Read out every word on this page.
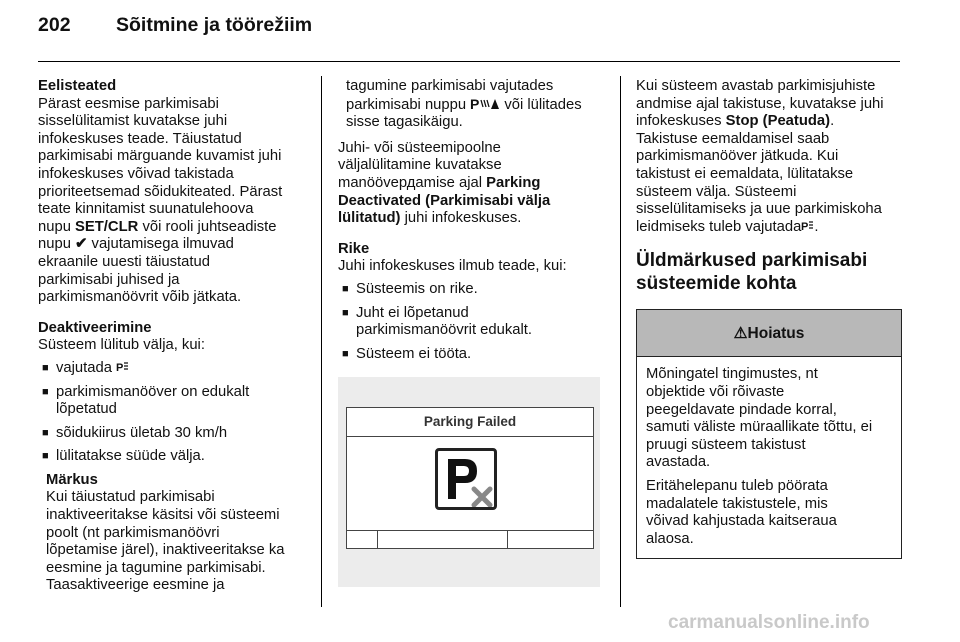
202 Sõitmine ja töörežiim

Eelisteated

Pärast eesmise parkimisabi
sisselülitamist kuvatakse juhi
infokeskuses teade. Täiustatud
parkimisabi märguande kuvamist juhi
infokeskuses võivad takistada
prioriteetsemad sõidukiteated. Pärast
teate kinnitamist suunatulehoova
nupu SET/CLR või rooli juhtseadiste
nupu ✔ vajutamisega ilmuvad
ekraanile uuesti täiustatud
parkimisabi juhised ja
parkimismanöövrit võib jätkata.

Deaktiveerimine

Süsteem lülitub välja, kui:

■ vajutada P
■ parkimismanööver on edukalt
lõpetatud
■ sõidukiirus ületab 30 km/h
■ lülitatakse süüde välja.

Märkus

Kui täiustatud parkimisabi
inaktiveeritakse käsitsi või süsteemi
poolt (nt parkimismanöövri
lõpetamise järel), inaktiveeritakse ka
eesmine ja tagumine parkimisabi.
Taasaktiveerige eesmine ja
tagumine parkimisabi vajutades
parkimisabi nuppu P või lülitades
sisse tagasikäigu.
Juhi- või süsteemipoolne
väljalülitamine kuvatakse
manöövердamise ajal Parking
Deactivated (Parkimisabi välja
lülitatud) juhi infokeskuses.

Rike

Juhi infokeskuses ilmub teade, kui:

■ Süsteemis on rike.
■ Juht ei lõpetanud
parkimismanöövrit edukalt.
■ Süsteem ei tööta.
Parking Failed
Kui süsteem avastab parkimisjuhiste
andmise ajal takistuse, kuvatakse juhi
infokeskuses Stop (Peatuda).
Takistuse eemaldamisel saab
parkimismanööver jätkuda. Kui
takistust ei eemaldata, lülitatakse
süsteem välja. Süsteemi
sisselülitamiseks ja uue parkimiskoha
leidmiseks tuleb vajutada P .
Üldmärkused parkimisabi
süsteemide kohta
⚠ Hoiatus
Mõningatel tingimustes, nt
objektide või rõivaste
peegeldavate pindade korral,
samuti väliste müraallikate tõttu, ei
pruugi süsteem takistust
avastada.
Eritähelepanu tuleb pöörata
madalatele takistustele, mis
võivad kahjustada kaitseraua
alaosa.
carmanualsonline.info
